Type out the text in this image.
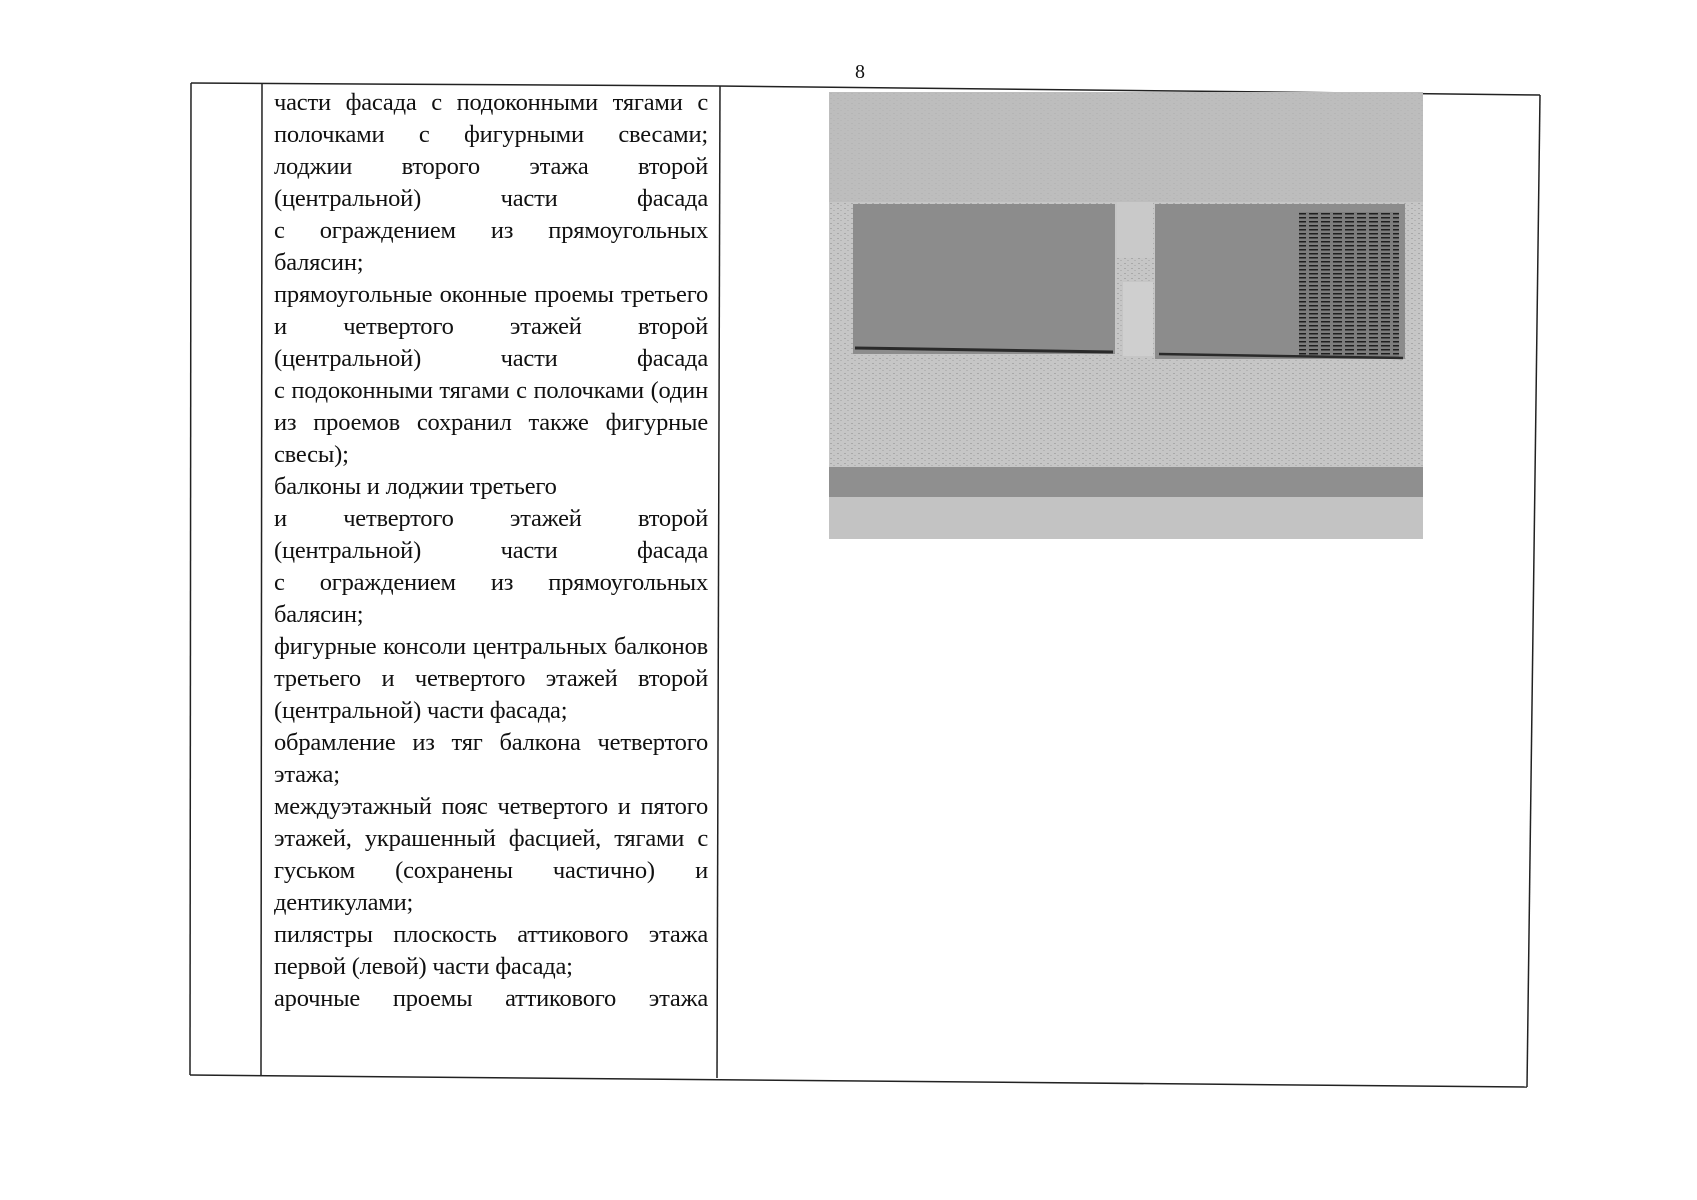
8

части фасада с подоконными тягами с полочками с фигурными свесами;

лоджии второго этажа второй (центральной) части фасада

с ограждением из прямоугольных балясин;

прямоугольные оконные проемы третьего и четвертого этажей второй (центральной) части фасада

с подоконными тягами с полочками (один из проемов сохранил также фигурные свесы);

балконы и лоджии третьего

и четвертого этажей второй (центральной) части фасада

с ограждением из прямоугольных балясин;

фигурные консоли центральных балконов третьего и четвертого этажей второй (центральной) части фасада;

обрамление из тяг балкона четвертого этажа;

междуэтажный пояс четвертого и пятого этажей, украшенный фасцией, тягами с гуськом (сохранены частично) и дентикулами;

пилястры плоскость аттикового этажа первой (левой) части фасада;

арочные проемы аттикового этажа
